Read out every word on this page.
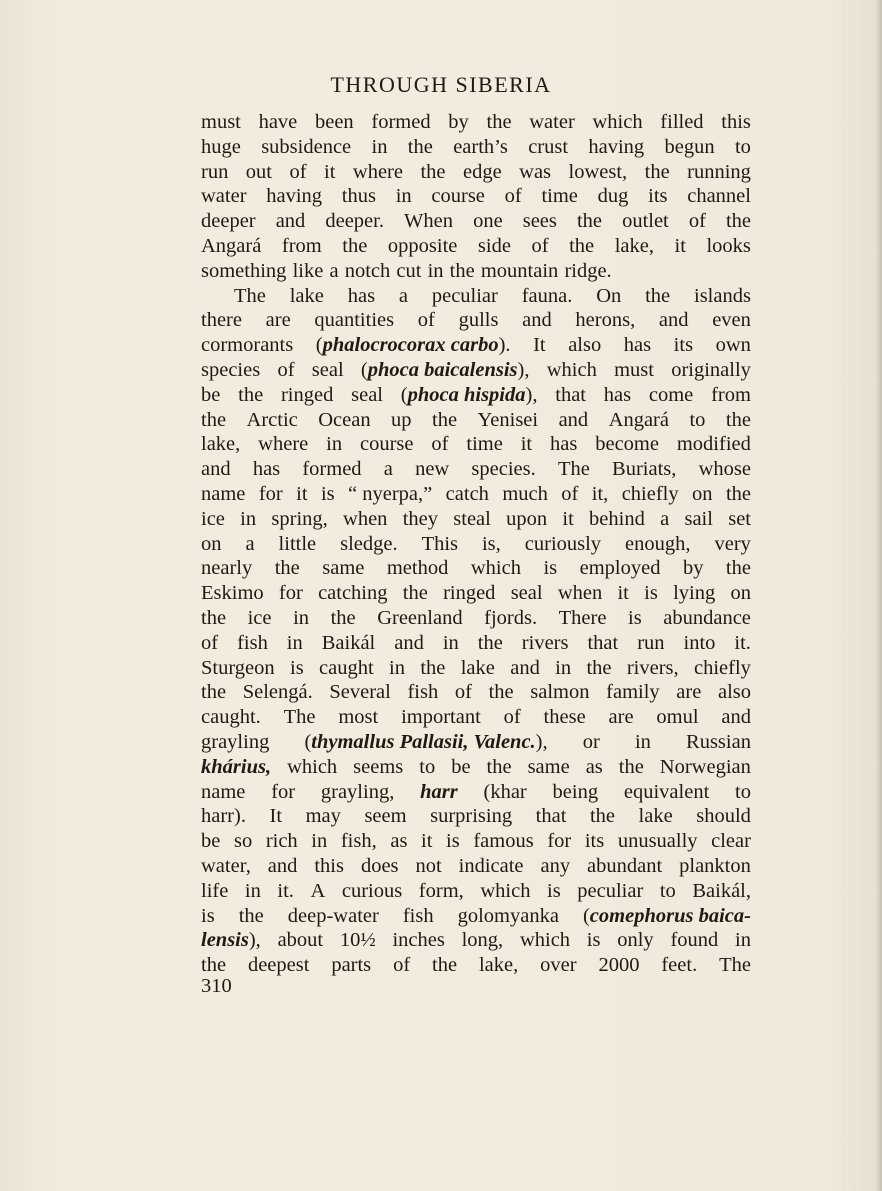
THROUGH SIBERIA
must have been formed by the water which filled this
huge subsidence in the earth’s crust having begun to
run out of it where the edge was lowest, the running
water having thus in course of time dug its channel
deeper and deeper. When one sees the outlet of the
Angará from the opposite side of the lake, it looks
something like a notch cut in the mountain ridge.
The lake has a peculiar fauna. On the islands
there are quantities of gulls and herons, and even
cormorants (phalocrocorax carbo). It also has its own
species of seal (phoca baicalensis), which must originally
be the ringed seal (phoca hispida), that has come from
the Arctic Ocean up the Yenisei and Angará to the
lake, where in course of time it has become modified
and has formed a new species. The Buriats, whose
name for it is “ nyerpa,” catch much of it, chiefly on the
ice in spring, when they steal upon it behind a sail set
on a little sledge. This is, curiously enough, very
nearly the same method which is employed by the
Eskimo for catching the ringed seal when it is lying on
the ice in the Greenland fjords. There is abundance
of fish in Baikál and in the rivers that run into it.
Sturgeon is caught in the lake and in the rivers, chiefly
the Selengá. Several fish of the salmon family are also
caught. The most important of these are omul and
grayling (thymallus Pallasii, Valenc.), or in Russian
khárius, which seems to be the same as the Norwegian
name for grayling, harr (khar being equivalent to
harr). It may seem surprising that the lake should
be so rich in fish, as it is famous for its unusually clear
water, and this does not indicate any abundant plankton
life in it. A curious form, which is peculiar to Baikál,
is the deep-water fish golomyanka (comephorus baica-
lensis), about 10½ inches long, which is only found in
the deepest parts of the lake, over 2000 feet. The
310
